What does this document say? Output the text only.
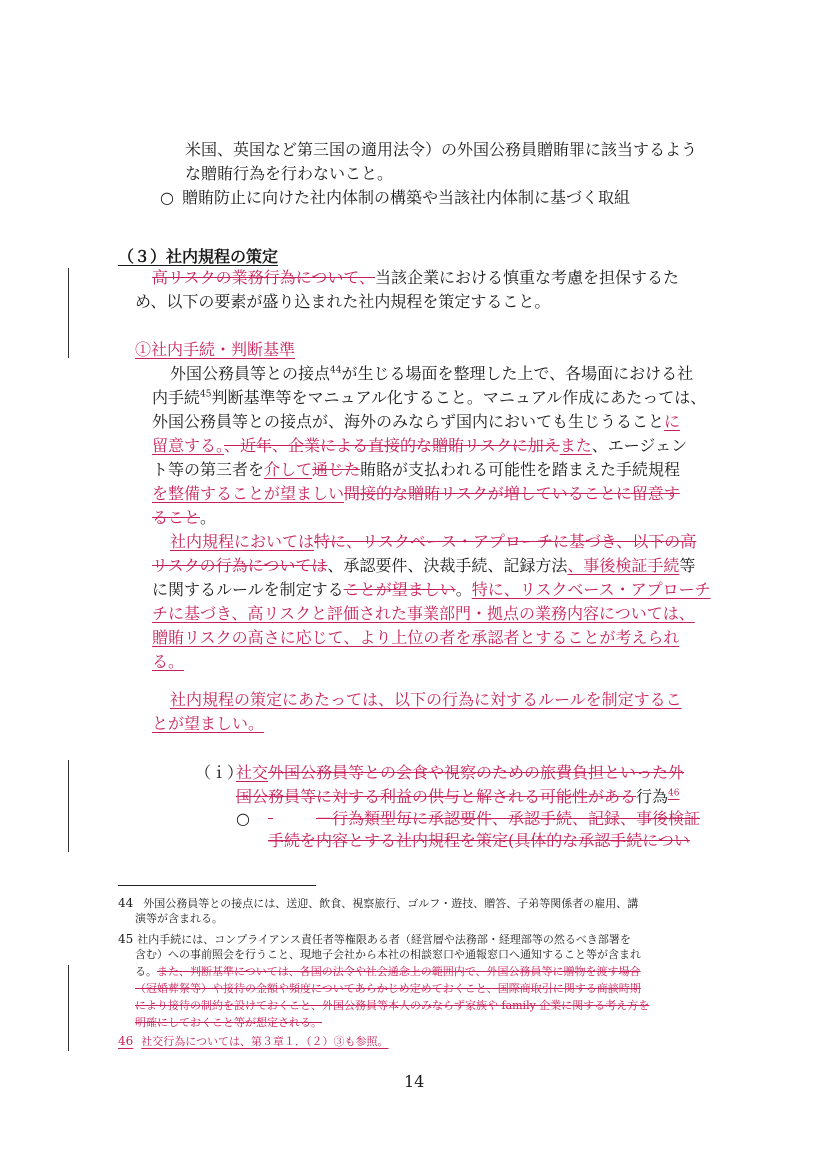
米国、英国など第三国の適用法令）の外国公務員贈賄罪に該当するよう
な贈賄行為を行わないこと。
○ 贈賄防止に向けた社内体制の構築や当該社内体制に基づく取組
（３）社内規程の策定
高リスクの業務行為について、当該企業における慎重な考慮を担保するた
め、以下の要素が盛り込まれた社内規程を策定すること。
①社内手続・判断基準
外国公務員等との接点$^{44}$が生じる場面を整理した上で、各場面における社
内手続$^{45}$判断基準等をマニュアル化すること。マニュアル作成にあたっては、
外国公務員等との接点が、海外のみならず国内においても生じうることに
留意する。、近年、企業による直接的な贈賄リスクに加えまた、エージェン
ト等の第三者を介して通じた賄賂が支払われる可能性を踏まえた手続規程
を整備することが望ましい間接的な贈賄リスクが増していることに留意す
ること。
社内規程においては特に、リスクベース・アプローチに基づき、以下の高
リスクの行為については、承認要件、決裁手続、記録方法、事後検証手続等
に関するルールを制定することが望ましい。特に、リスクベース・アプローチ
チに基づき、高リスクと評価された事業部門・拠点の業務内容については、
贈賄リスクの高さに応じて、より上位の者を承認者とすることが考えられ
る。
社内規程の策定にあたっては、以下の行為に対するルールを制定するこ
とが望ましい。
（ｉ）
社交外国公務員等との会食や視察のための旅費負担といった外
国公務員等に対する利益の供与と解される可能性がある行為$^{46}$
○	－行為類型毎に承認要件、承認手続、記録、事後検証
手続を内容とする社内規程を策定(具体的な承認手続につい
44 外国公務員等との接点には、送迎、飲食、視察旅行、ゴルフ・遊技、贈答、子弟等関係者の雇用、講
演等が含まれる。
45 社内手続には、コンプライアンス責任者等権限ある者（経営層や法務部・経理部等の然るべき部署を
含む）への事前照会を行うこと、現地子会社から本社の相談窓口や通報窓口へ通知すること等が含まれ
る。また、判断基準については、各国の法令や社会通念上の範囲内で、外国公務員等に贈物を渡す場合
（冠婚葬祭等）や接待の金額や頻度についてあらかじめ定めておくこと、国際商取引に関する商談時期
により接待の制約を設けておくこと、外国公務員等本人のみならず家族や family 企業に関する考え方を
明確にしておくこと等が想定される。
46 社交行為については、第３章１．（２）③も参照。
14
